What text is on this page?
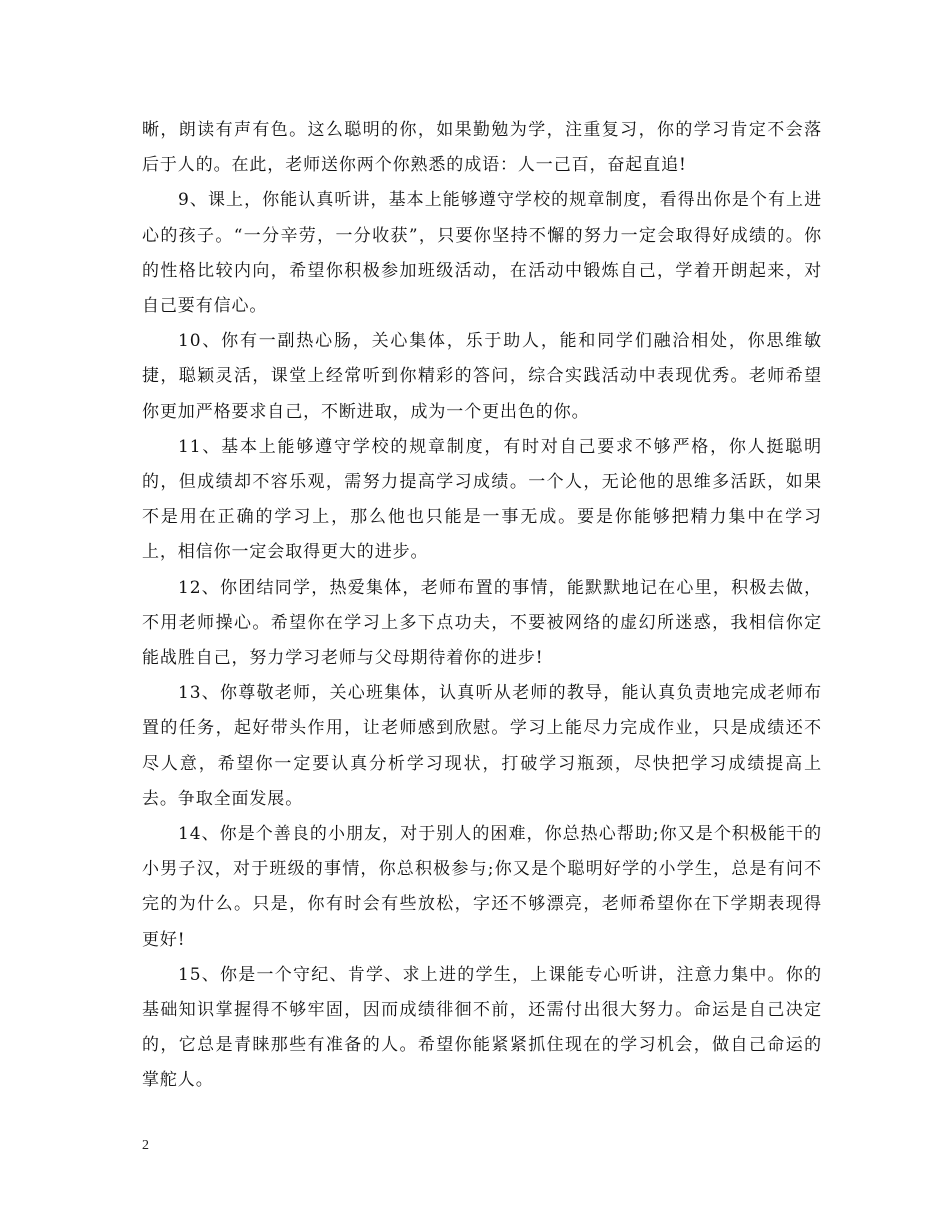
晰，朗读有声有色。这么聪明的你，如果勤勉为学，注重复习，你的学习肯定不会落后于人的。在此，老师送你两个你熟悉的成语：人一己百，奋起直追!

9、课上，你能认真听讲，基本上能够遵守学校的规章制度，看得出你是个有上进心的孩子。“一分辛劳，一分收获”，只要你坚持不懈的努力一定会取得好成绩的。你的性格比较内向，希望你积极参加班级活动，在活动中锻炼自己，学着开朗起来，对自己要有信心。

10、你有一副热心肠，关心集体，乐于助人，能和同学们融洽相处，你思维敏捷，聪颖灵活，课堂上经常听到你精彩的答问，综合实践活动中表现优秀。老师希望你更加严格要求自己，不断进取，成为一个更出色的你。

11、基本上能够遵守学校的规章制度，有时对自己要求不够严格，你人挺聪明的，但成绩却不容乐观，需努力提高学习成绩。一个人，无论他的思维多活跃，如果不是用在正确的学习上，那么他也只能是一事无成。要是你能够把精力集中在学习上，相信你一定会取得更大的进步。

12、你团结同学，热爱集体，老师布置的事情，能默默地记在心里，积极去做，不用老师操心。希望你在学习上多下点功夫，不要被网络的虚幻所迷惑，我相信你定能战胜自己，努力学习老师与父母期待着你的进步!

13、你尊敬老师，关心班集体，认真听从老师的教导，能认真负责地完成老师布置的任务，起好带头作用，让老师感到欣慰。学习上能尽力完成作业，只是成绩还不尽人意，希望你一定要认真分析学习现状，打破学习瓶颈，尽快把学习成绩提高上去。争取全面发展。

14、你是个善良的小朋友，对于别人的困难，你总热心帮助;你又是个积极能干的小男子汉，对于班级的事情，你总积极参与;你又是个聪明好学的小学生，总是有问不完的为什么。只是，你有时会有些放松，字还不够漂亮，老师希望你在下学期表现得更好!

15、你是一个守纪、肯学、求上进的学生，上课能专心听讲，注意力集中。你的基础知识掌握得不够牢固，因而成绩徘徊不前，还需付出很大努力。命运是自己决定的，它总是青睐那些有准备的人。希望你能紧紧抓住现在的学习机会，做自己命运的掌舵人。

2
